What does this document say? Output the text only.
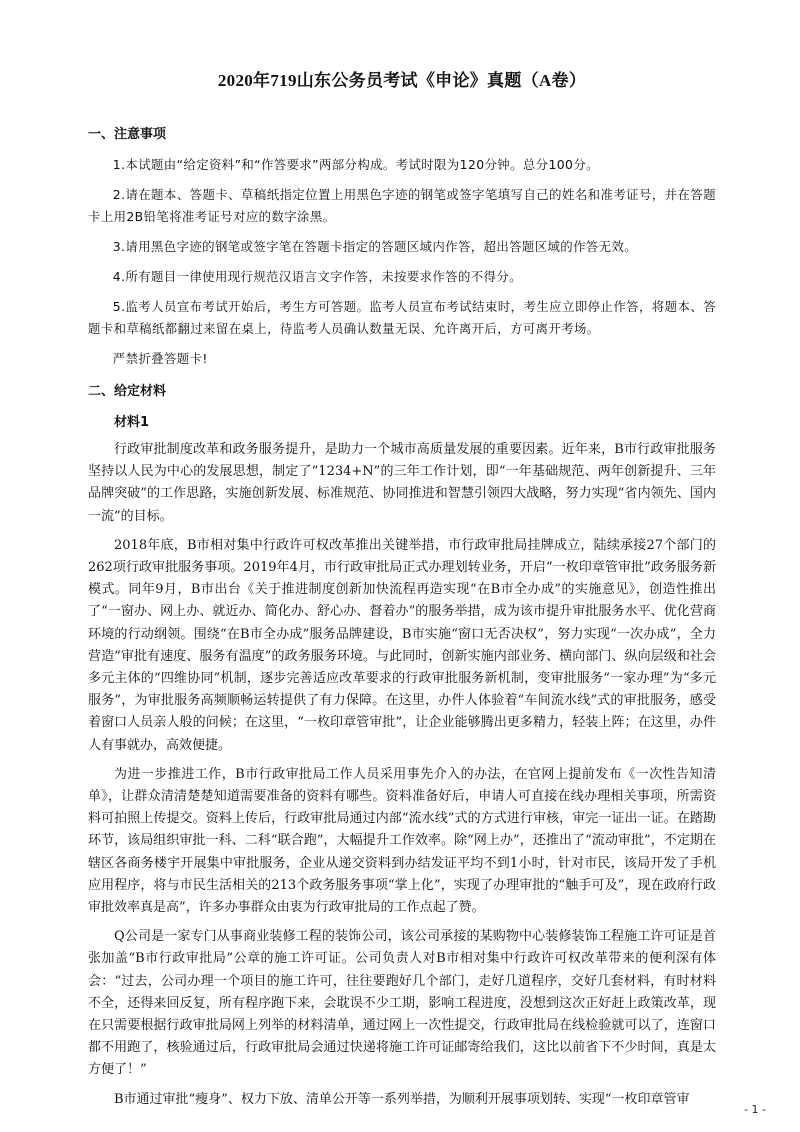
2020年719山东公务员考试《申论》真题（A卷）
一、注意事项

1.本试题由“给定资料”和“作答要求”两部分构成。考试时限为120分钟。总分100分。

2.请在题本、答题卡、草稿纸指定位置上用黑色字迹的钢笔或签字笔填写自己的姓名和准考证号，并在答题卡上用2B铅笔将准考证号对应的数字涂黑。

3.请用黑色字迹的钢笔或签字笔在答题卡指定的答题区域内作答，超出答题区域的作答无效。

4.所有题目一律使用现行规范汉语言文字作答，未按要求作答的不得分。

5.监考人员宣布考试开始后，考生方可答题。监考人员宣布考试结束时，考生应立即停止作答，将题本、答题卡和草稿纸都翻过来留在桌上，待监考人员确认数量无误、允许离开后，方可离开考场。

严禁折叠答题卡!

二、给定材料
材料1

行政审批制度改革和政务服务提升，是助力一个城市高质量发展的重要因素。近年来，B市行政审批服务坚持以人民为中心的发展思想，制定了“1234+N”的三年工作计划，即“一年基础规范、两年创新提升、三年品牌突破”的工作思路，实施创新发展、标准规范、协同推进和智慧引领四大战略，努力实现“省内领先、国内一流”的目标。

2018年底，B市相对集中行政许可权改革推出关键举措，市行政审批局挂牌成立，陆续承接27个部门的262项行政审批服务事项。2019年4月，市行政审批局正式办理划转业务，开启“一枚印章管审批”政务服务新模式。同年9月，B市出台《关于推进制度创新加快流程再造实现“在B市全办成”的实施意见》，创造性推出了“一窗办、网上办、就近办、简化办、舒心办、督着办”的服务举措，成为该市提升审批服务水平、优化营商环境的行动纲领。围绕“在B市全办成”服务品牌建设，B市实施“窗口无否决权”，努力实现“一次办成”，全力营造“审批有速度、服务有温度”的政务服务环境。与此同时，创新实施内部业务、横向部门、纵向层级和社会多元主体的“四维协同”机制，逐步完善适应改革要求的行政审批服务新机制，变审批服务“一家办理”为“多元服务”，为审批服务高频顺畅运转提供了有力保障。在这里，办件人体验着“车间流水线”式的审批服务，感受着窗口人员亲人般的问候；在这里，“一枚印章管审批”，让企业能够腾出更多精力，轻装上阵；在这里，办件人有事就办，高效便捷。

为进一步推进工作，B市行政审批局工作人员采用事先介入的办法，在官网上提前发布《一次性告知清单》，让群众清清楚楚知道需要准备的资料有哪些。资料准备好后，申请人可直接在线办理相关事项，所需资料可拍照上传提交。资料上传后，行政审批局通过内部“流水线”式的方式进行审核，审完一证出一证。在踏勘环节，该局组织审批一科、二科“联合跑”，大幅提升工作效率。除“网上办”，还推出了“流动审批”，不定期在辖区各商务楼宇开展集中审批服务，企业从递交资料到办结发证平均不到1小时，针对市民，该局开发了手机应用程序，将与市民生活相关的213个政务服务事项“掌上化”，实现了办理审批的“触手可及”，现在政府行政审批效率真是高”，许多办事群众由衷为行政审批局的工作点起了赞。

Q公司是一家专门从事商业装修工程的装饰公司，该公司承接的某购物中心装修装饰工程施工许可证是首张加盖“B市行政审批局”公章的施工许可证。公司负责人对B市相对集中行政许可权改革带来的便利深有体会：“过去，公司办理一个项目的施工许可，往往要跑好几个部门，走好几道程序，交好几套材料，有时材料不全，还得来回反复，所有程序跑下来，会耽误不少工期，影响工程进度，没想到这次正好赶上政策改革，现在只需要根据行政审批局网上列举的材料清单，通过网上一次性提交，行政审批局在线检验就可以了，连窗口都不用跑了，核验通过后，行政审批局会通过快递将施工许可证邮寄给我们，这比以前省下不少时间，真是太方便了！”

B市通过审批“瘦身”、权力下放、清单公开等一系列举措，为顺利开展事项划转、实现“一枚印章管审

- 1 -
